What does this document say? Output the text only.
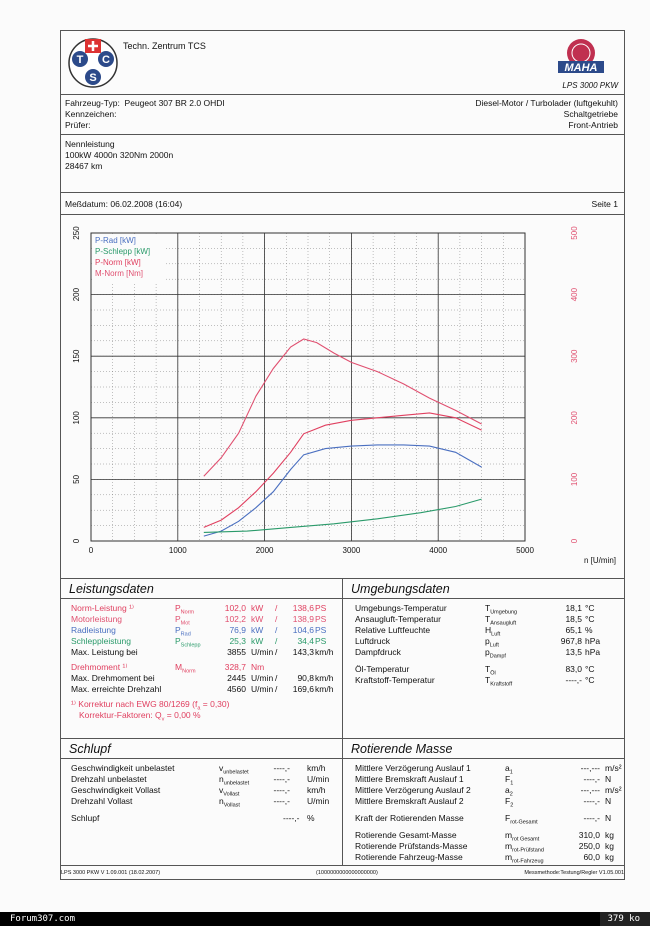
T C
S
Techn. Zentrum TCS
MAHA
LPS 3000 PKW
Fahrzeug-Typ: Peugeot 307 BR 2.0 OHDI
Kennzeichen:
Prüfer:
Diesel-Motor / Turbolader (luftgekuhlt)
Schaltgetriebe
Front-Antrieb
Nennleistung
100kW 4000n 320Nm 2000n
28467 km
Meßdatum: 06.02.2008 (16:04)	Seite 1
0	1000	2000	3000	4000	5000
0
50
100
150
200
250
0
100
200
300
400
500
n [U/min]
P-Rad [kW]
P-Schlepp [kW]
P-Norm [kW]
M-Norm [Nm]
Leistungsdaten
Norm-Leistung ¹⁾	$P_{Norm}$	102,0 kW / 138,6 PS
Motorleistung	$P_{Mot}$	102,2 kW / 138,9 PS
Radleistung	$P_{Rad}$	76,9 kW / 104,6 PS
Schleppleistung	$P_{Schlepp}$	25,3 kW / 34,4 PS
Max. Leistung bei	3855 U/min / 143,3 km/h
Drehmoment ¹⁾	$M_{Norm}$	328,7 Nm
Max. Drehmoment bei	2445 U/min / 90,8 km/h
Max. erreichte Drehzahl	4560 U/min / 169,6 km/h
¹⁾ Korrektur nach EWG 80/1269 $(f_a = 0,30)$
Korrektur-Faktoren: $Q_v = 0,00$ %
Umgebungsdaten
Umgebungs-Temperatur	$T_{Umgebung}$	18,1 °C
Ansaugluft-Temperatur	$T_{Ansaugluft}$	18,5 °C
Relative Luftfeuchte	$H_{Luft}$	65,1 %
Luftdruck	$p_{Luft}$	967,8 hPa
Dampfdruck	$p_{Dampf}$	13,5 hPa
Öl-Temperatur	$T_{Öl}$	83,0 °C
Kraftstoff-Temperatur	$T_{Kraftstoff}$	----,- °C
Schlupf
Geschwindigkeit unbelastet	$v_{unbelastet}$	----,- km/h
Drehzahl unbelastet	$n_{unbelastet}$	----,- U/min
Geschwindigkeit Vollast	$v_{Vollast}$	----,- km/h
Drehzahl Vollast	$n_{Vollast}$	----,- U/min
Schlupf	----,- %
Rotierende Masse
Mittlere Verzögerung Auslauf 1	$a_1$	---,--- m/s²
Mittlere Bremskraft Auslauf 1	$F_1$	----,- N
Mittlere Verzögerung Auslauf 2	$a_2$	---,--- m/s²
Mittlere Bremskraft Auslauf 2	$F_2$	----,- N
Kraft der Rotierenden Masse	$F_{rot-Gesamt}$	----,- N
Rotierende Gesamt-Masse	$m_{rot Gesamt}$	310,0 kg
Rotierende Prüfstands-Masse	$m_{rot-Prüfstand}$	250,0 kg
Rotierende Fahrzeug-Masse	$m_{rot-Fahrzeug}$	60,0 kg
LPS 3000 PKW V 1.09.001 (18.02.2007)	(1000000000000000000)	Messmethode:Testung/Regler V1.05.001
Forum307.com	379 ko
